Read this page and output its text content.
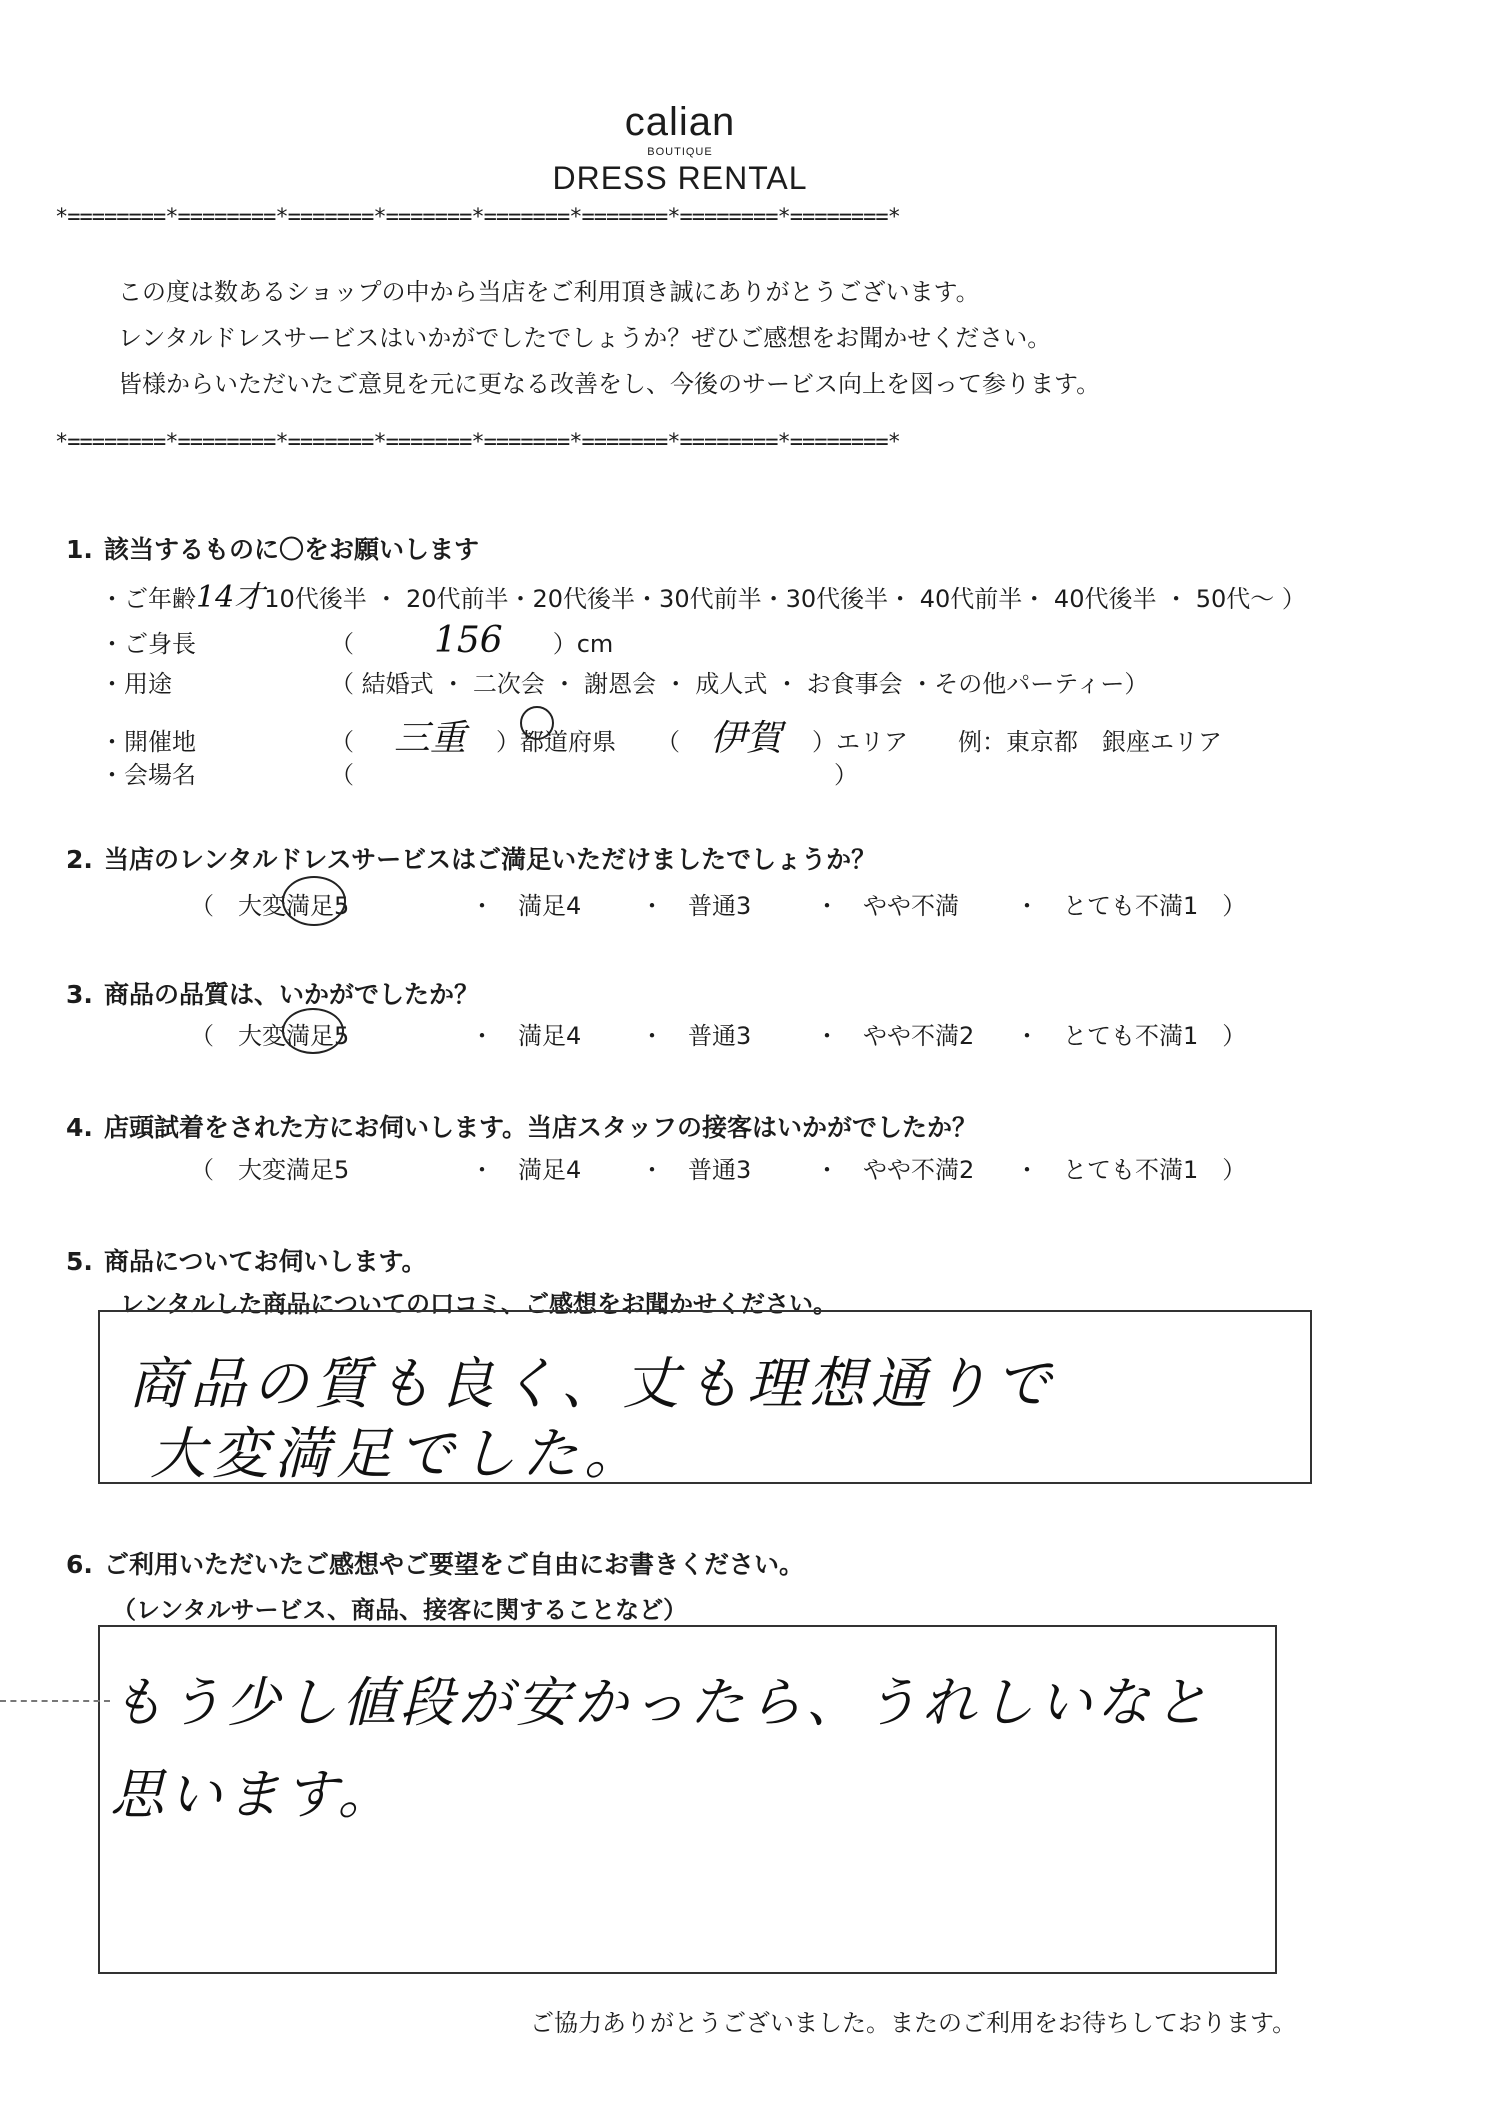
calian
BOUTIQUE
DRESS RENTAL
*========*========*=======*=======*=======*=======*========*========*
この度は数あるショップの中から当店をご利用頂き誠にありがとうございます。
レンタルドレスサービスはいかがでしたでしょうか？ぜひご感想をお聞かせください。
皆様からいただいたご意見を元に更なる改善をし、今後のサービス向上を図って参ります。
*========*========*=======*=======*=======*=======*========*========*
1. 該当するものに〇をお願いします
・ご年齢14才10代後半 ・ 20代前半・20代後半・30代前半・30代後半・ 40代前半・ 40代後半 ・ 50代～ ）
・ご身長	（ 156 ）cm
・用途	（ 結婚式 ・ 二次会 ・ 謝恩会 ・ 成人式 ・ お食事会 ・その他パーティー）
・開催地	（ 三重 ）都道府県 （ 伊賀 ）エリア 例：東京都　銀座エリア
・会場名	（	）
2. 当店のレンタルドレスサービスはご満足いただけましたでしょうか？
（　大変満足5	・　満足4 ・　普通3	・　やや不満 ・　とても不満1　）
3. 商品の品質は、いかがでしたか？
（　大変満足5	・　満足4 ・　普通3	・　やや不満2 ・　とても不満1　）
4. 店頭試着をされた方にお伺いします。当店スタッフの接客はいかがでしたか？
（　大変満足5	・　満足4 ・　普通3	・　やや不満2 ・　とても不満1　）
5. 商品についてお伺いします。
レンタルした商品についての口コミ、ご感想をお聞かせください。
商品の質も良く、丈も理想通りで
大変満足でした。
6. ご利用いただいたご感想やご要望をご自由にお書きください。
（レンタルサービス、商品、接客に関することなど）
もう少し値段が安かったら、うれしいなと
思います。
ご協力ありがとうございました。またのご利用をお待ちしております。
